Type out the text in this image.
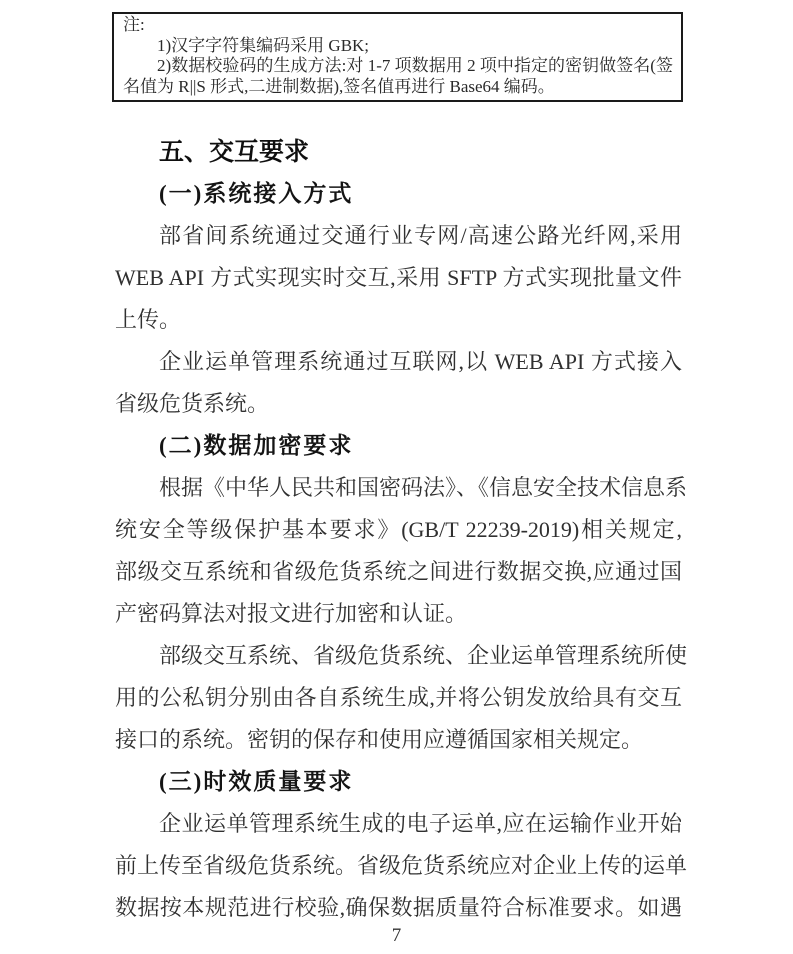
注:
1)汉字字符集编码采用 GBK;
2)数据校验码的生成方法:对 1-7 项数据用 2 项中指定的密钥做签名(签
名值为 R||S 形式,二进制数据),签名值再进行 Base64 编码。
五、交互要求
(一)系统接入方式
部省间系统通过交通行业专网/高速公路光纤网,采用
WEB API 方式实现实时交互,采用 SFTP 方式实现批量文件
上传。
企业运单管理系统通过互联网,以 WEB API 方式接入
省级危货系统。
(二)数据加密要求
根据《中华人民共和国密码法》、《信息安全技术信息系
统安全等级保护基本要求》(GB/T 22239-2019)相关规定,
部级交互系统和省级危货系统之间进行数据交换,应通过国
产密码算法对报文进行加密和认证。
部级交互系统、省级危货系统、企业运单管理系统所使
用的公私钥分别由各自系统生成,并将公钥发放给具有交互
接口的系统。密钥的保存和使用应遵循国家相关规定。
(三)时效质量要求
企业运单管理系统生成的电子运单,应在运输作业开始
前上传至省级危货系统。省级危货系统应对企业上传的运单
数据按本规范进行校验,确保数据质量符合标准要求。如遇
7
